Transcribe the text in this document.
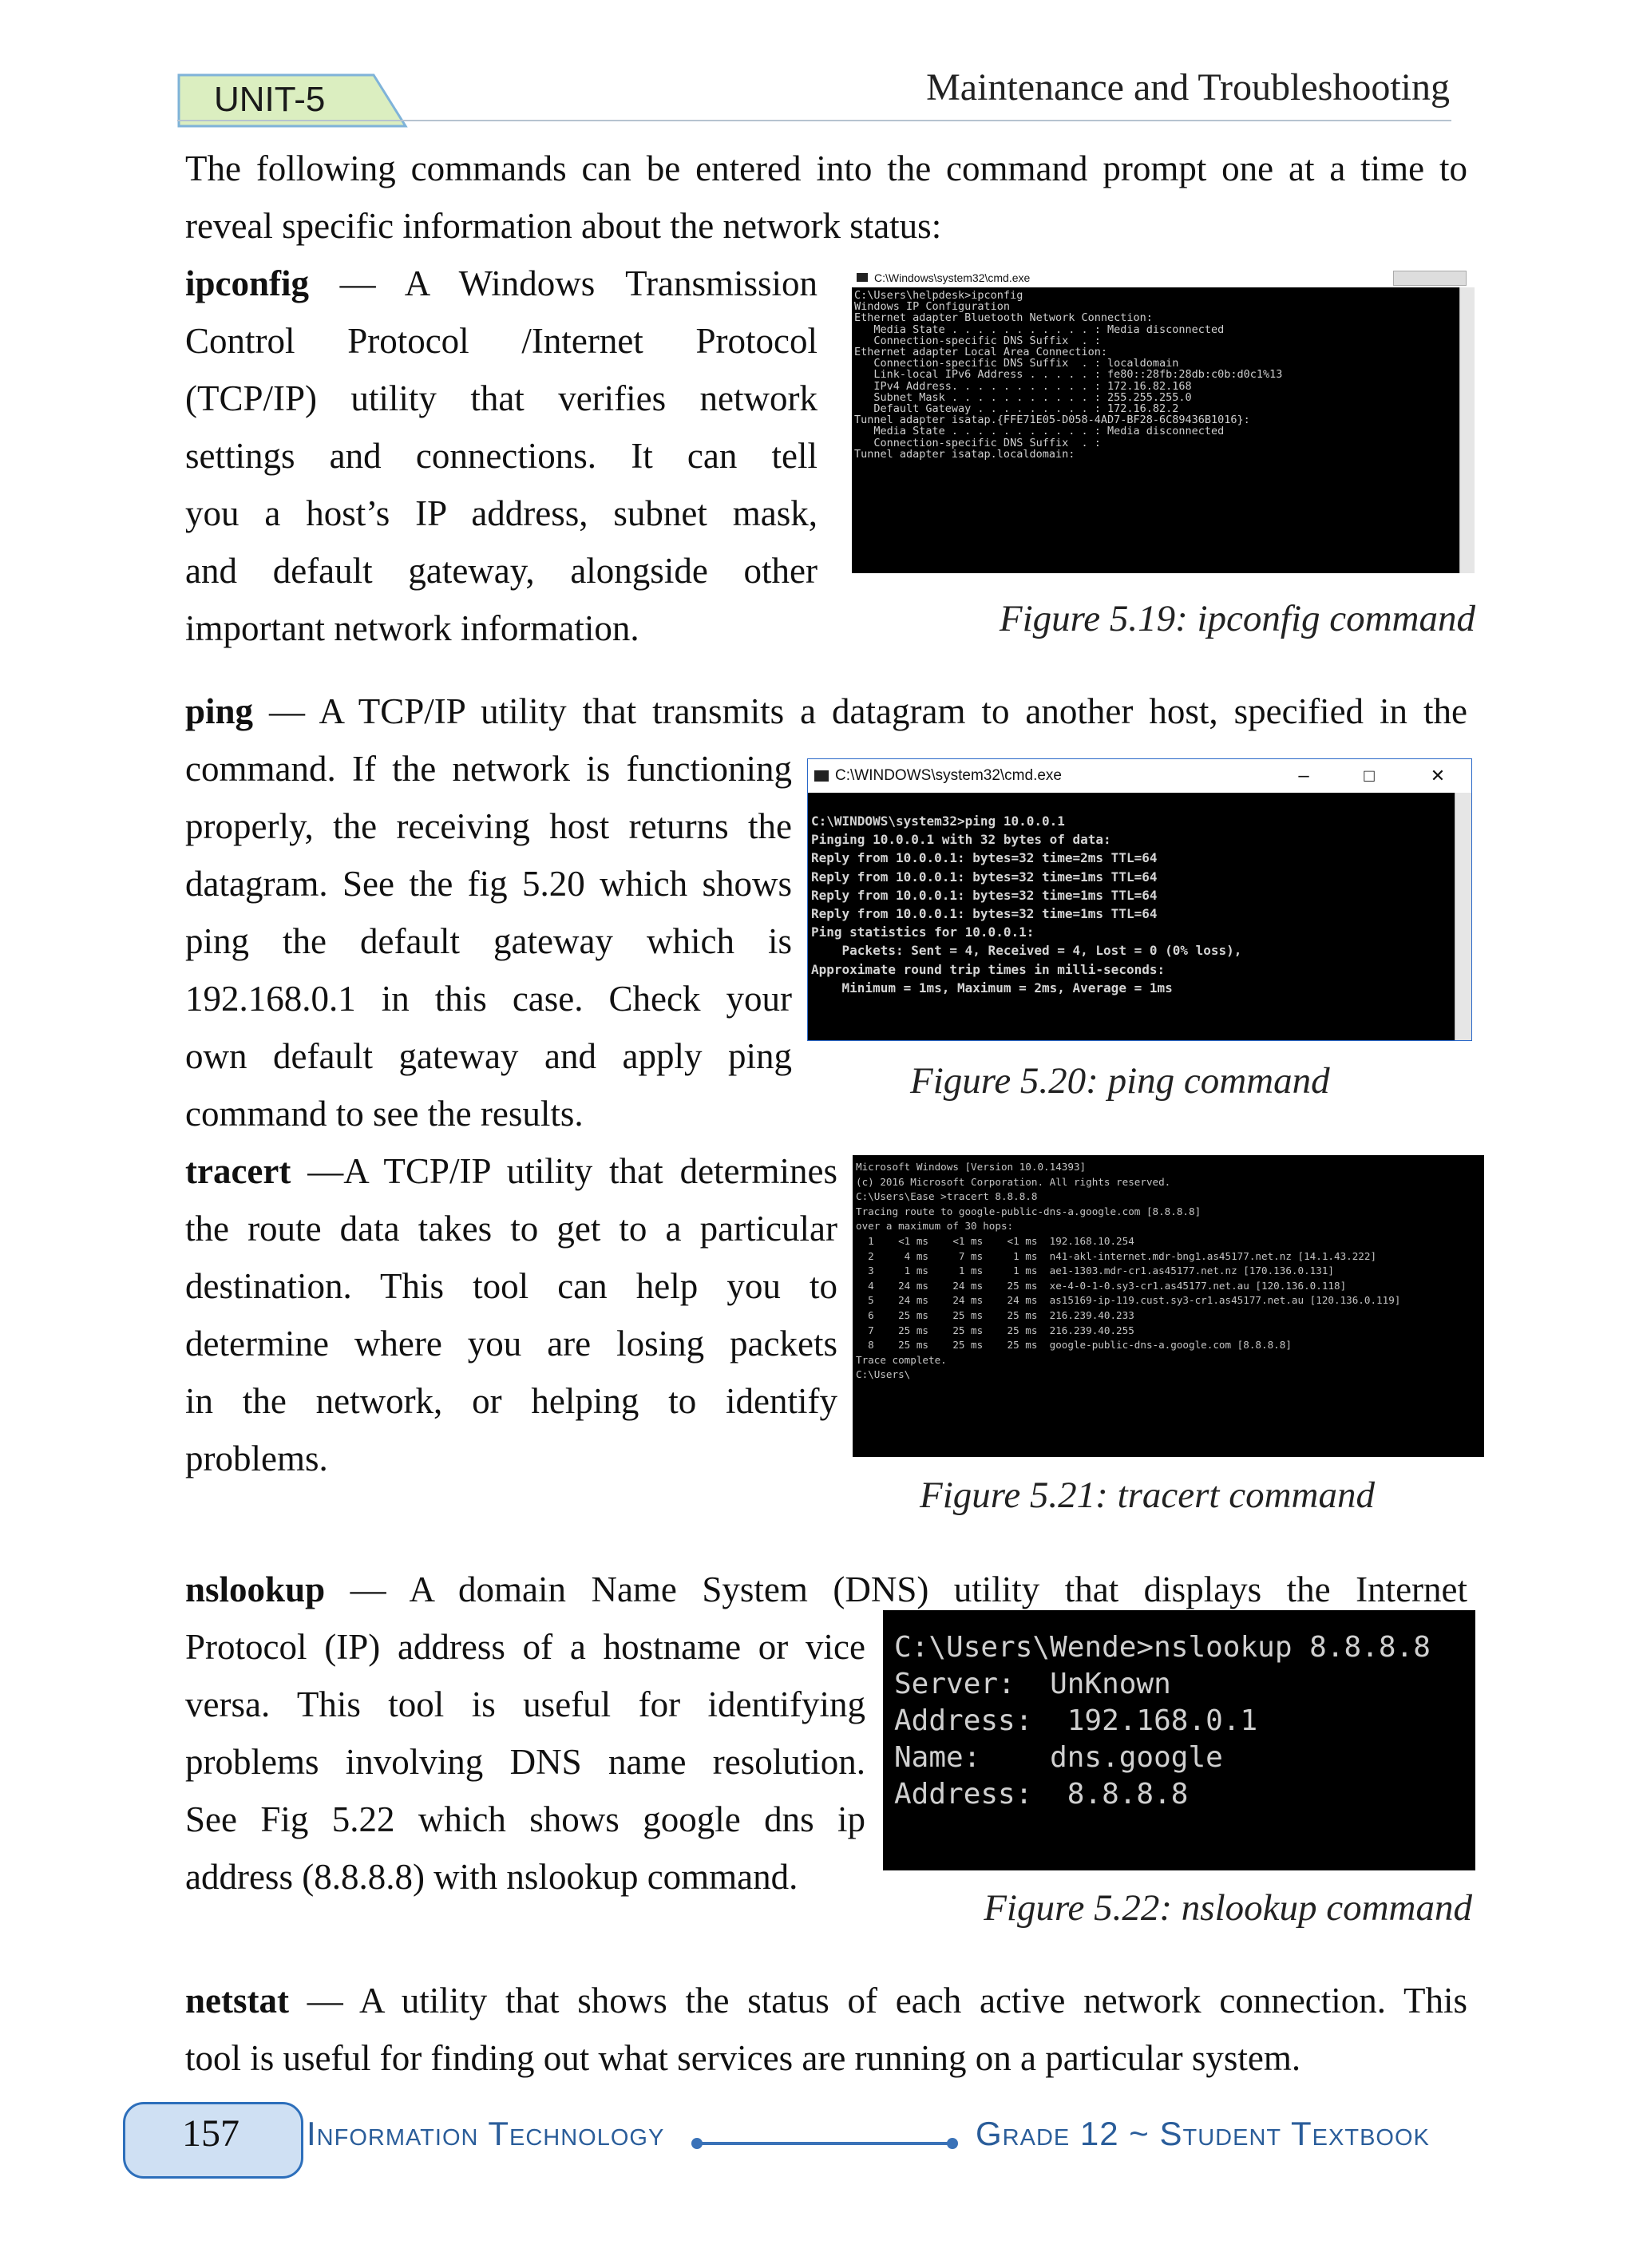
UNIT-5	Maintenance and Troubleshooting
The following commands can be entered into the command prompt one at a time to
reveal specific information about the network status:
ipconfig — A Windows Transmission
Control Protocol /Internet Protocol
(TCP/IP) utility that verifies network
settings and connections. It can tell
you a host’s IP address, subnet mask,
and default gateway, alongside other
important network information.
C:\Windows\system32\cmd.exe
C:\Users\helpdesk>ipconfig
Windows IP Configuration
Ethernet adapter Bluetooth Network Connection:
Media State . . . . . . . . . . . : Media disconnected
Connection-specific DNS Suffix  . :
Ethernet adapter Local Area Connection:
Connection-specific DNS Suffix  . : localdomain
Link-local IPv6 Address . . . . . : fe80::28fb:28db:c0b:d0c1%13
IPv4 Address. . . . . . . . . . . : 172.16.82.168
Subnet Mask . . . . . . . . . . . : 255.255.255.0
Default Gateway . . . . . . . . . : 172.16.82.2
Tunnel adapter isatap.{FFE71E05-D058-4AD7-BF28-6C89436B1016}:
Media State . . . . . . . . . . . : Media disconnected
Connection-specific DNS Suffix  . :
Tunnel adapter isatap.localdomain:
Figure 5.19: ipconfig command
ping — A TCP/IP utility that transmits a datagram to another host, specified in the
command. If the network is functioning
properly, the receiving host returns the
datagram. See the fig 5.20 which shows
ping the default gateway which is
192.168.0.1 in this case. Check your
own default gateway and apply ping
command to see the results.
C:\WINDOWS\system32\cmd.exe	–	□	✕
C:\WINDOWS\system32>ping 10.0.0.1
Pinging 10.0.0.1 with 32 bytes of data:
Reply from 10.0.0.1: bytes=32 time=2ms TTL=64
Reply from 10.0.0.1: bytes=32 time=1ms TTL=64
Reply from 10.0.0.1: bytes=32 time=1ms TTL=64
Reply from 10.0.0.1: bytes=32 time=1ms TTL=64
Ping statistics for 10.0.0.1:
Packets: Sent = 4, Received = 4, Lost = 0 (0% loss),
Approximate round trip times in milli-seconds:
Minimum = 1ms, Maximum = 2ms, Average = 1ms
Figure 5.20: ping command
tracert —A TCP/IP utility that determines
the route data takes to get to a particular
destination. This tool can help you to
determine where you are losing packets
in the network, or helping to identify
problems.
Microsoft Windows [Version 10.0.14393]
(c) 2016 Microsoft Corporation. All rights reserved.
C:\Users\Ease >tracert 8.8.8.8
Tracing route to google-public-dns-a.google.com [8.8.8.8]
over a maximum of 30 hops:
1    <1 ms    <1 ms    <1 ms  192.168.10.254
2     4 ms     7 ms     1 ms  n41-akl-internet.mdr-bng1.as45177.net.nz [14.1.43.222]
3     1 ms     1 ms     1 ms  ae1-1303.mdr-cr1.as45177.net.nz [170.136.0.131]
4    24 ms    24 ms    25 ms  xe-4-0-1-0.sy3-cr1.as45177.net.au [120.136.0.118]
5    24 ms    24 ms    24 ms  as15169-ip-119.cust.sy3-cr1.as45177.net.au [120.136.0.119]
6    25 ms    25 ms    25 ms  216.239.40.233
7    25 ms    25 ms    25 ms  216.239.40.255
8    25 ms    25 ms    25 ms  google-public-dns-a.google.com [8.8.8.8]
Trace complete.
C:\Users\
Figure 5.21: tracert command
nslookup — A domain Name System (DNS) utility that displays the Internet
Protocol (IP) address of a hostname or vice
versa. This tool is useful for identifying
problems involving DNS name resolution.
See Fig 5.22 which shows google dns ip
address (8.8.8.8) with nslookup command.
C:\Users\Wende>nslookup 8.8.8.8
Server:  UnKnown
Address:  192.168.0.1
Name:    dns.google
Address:  8.8.8.8
Figure 5.22: nslookup command
netstat — A utility that shows the status of each active network connection. This
tool is useful for finding out what services are running on a particular system.
157	Information Technology	Grade 12 ~ Student Textbook
